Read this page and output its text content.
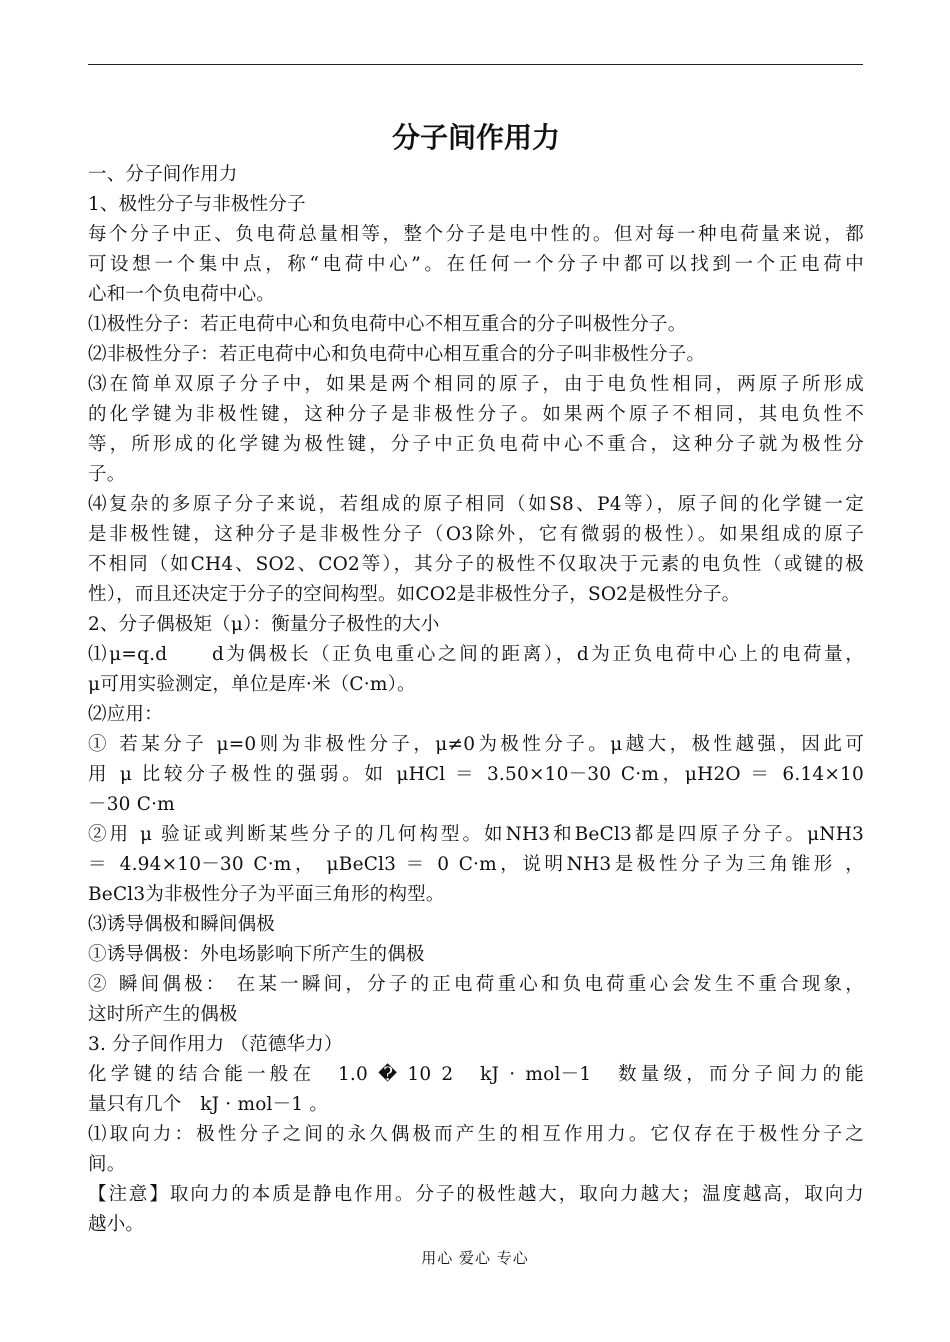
分子间作用力
一、分子间作用力
1、极性分子与非极性分子
每个分子中正、负电荷总量相等，整个分子是电中性的。但对每一种电荷量来说，都
可设想一个集中点，称“电荷中心”。在任何一个分子中都可以找到一个正电荷中
心和一个负电荷中心。
⑴极性分子：若正电荷中心和负电荷中心不相互重合的分子叫极性分子。
⑵非极性分子：若正电荷中心和负电荷中心相互重合的分子叫非极性分子。
⑶在简单双原子分子中，如果是两个相同的原子，由于电负性相同，两原子所形成
的化学键为非极性键，这种分子是非极性分子。如果两个原子不相同，其电负性不
等，所形成的化学键为极性键，分子中正负电荷中心不重合，这种分子就为极性分
子。
⑷复杂的多原子分子来说，若组成的原子相同（如S8、P4等），原子间的化学键一定
是非极性键，这种分子是非极性分子（O3除外，它有微弱的极性）。如果组成的原子
不相同（如CH4、SO2、CO2等），其分子的极性不仅取决于元素的电负性（或键的极
性），而且还决定于分子的空间构型。如CO2是非极性分子，SO2是极性分子。
2、分子偶极矩（μ）：衡量分子极性的大小
⑴μ=q.d　　d为偶极长（正负电重心之间的距离），d为正负电荷中心上的电荷量，
μ可用实验测定，单位是库·米（C·m）。
⑵应用：
① 若某分子 μ=0则为非极性分子，μ≠0为极性分子。μ越大，极性越强，因此可
用 μ 比较分子极性的强弱。如 μHCl ＝ 3.50×10－30 C·m，μH2O ＝ 6.14×10
－30 C·m
②用 μ 验证或判断某些分子的几何构型。如NH3和BeCl3都是四原子分子。μNH3
＝ 4.94×10－30 C·m， μBeCl3 ＝ 0 C·m，说明NH3是极性分子为三角锥形 ，
BeCl3为非极性分子为平面三角形的构型。
⑶诱导偶极和瞬间偶极
①诱导偶极：外电场影响下所产生的偶极
② 瞬间偶极： 在某一瞬间，分子的正电荷重心和负电荷重心会发生不重合现象，
这时所产生的偶极
3. 分子间作用力 （范德华力）
化学键的结合能一般在　1.0 � 10 2　kJ · mol－1　数量级，而分子间力的能
量只有几个　kJ · mol－1 。
⑴取向力：极性分子之间的永久偶极而产生的相互作用力。它仅存在于极性分子之
间。
【注意】取向力的本质是静电作用。分子的极性越大，取向力越大；温度越高，取向力
越小。
用心 爱心 专心
